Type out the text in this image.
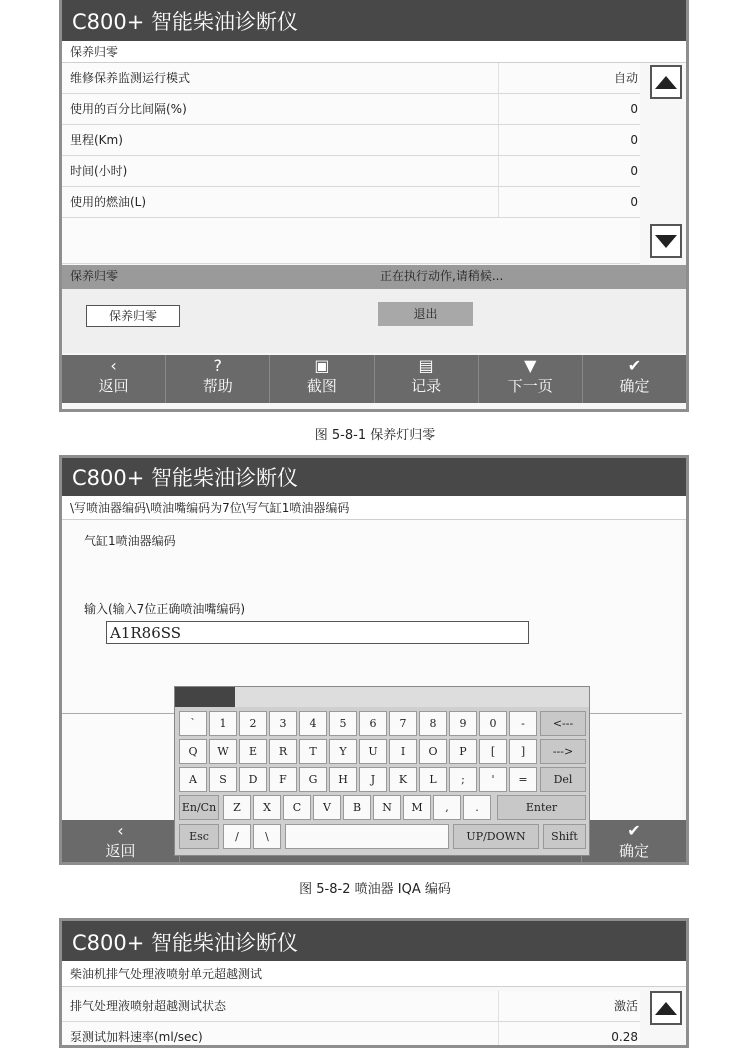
C800+ 智能柴油诊断仪
保养归零
维修保养监测运行模式	自动
使用的百分比间隔(%)	0
里程(Km)	0
时间(小时)	0
使用的燃油(L)	0
保养归零	正在执行动作,请稍候...
保养归零	退出
‹
返回
?
帮助
▣
截图
▤
记录
▼
下一页
✔
确定
图 5-8-1 保养灯归零
C800+ 智能柴油诊断仪
\写喷油器编码\喷油嘴编码为7位\写气缸1喷油器编码
气缸1喷油器编码
输入(输入7位正确喷油嘴编码)
A1R86SS
‹
返回
✔
确定
`	1	2	3	4	5	6	7	8	9	0	-	<---
Q	W	E	R	T	Y	U	I	O	P	[	]	--->
A	S	D	F	G	H	J	K	L	;	'	=	Del
En/Cn	Z	X	C	V	B	N	M	,	.	Enter
Esc	/	\	UP/DOWN	Shift
图 5-8-2 喷油器 IQA 编码
C800+ 智能柴油诊断仪
柴油机排气处理液喷射单元超越测试
排气处理液喷射超越测试状态	激活
泵测试加料速率(ml/sec)	0.28
